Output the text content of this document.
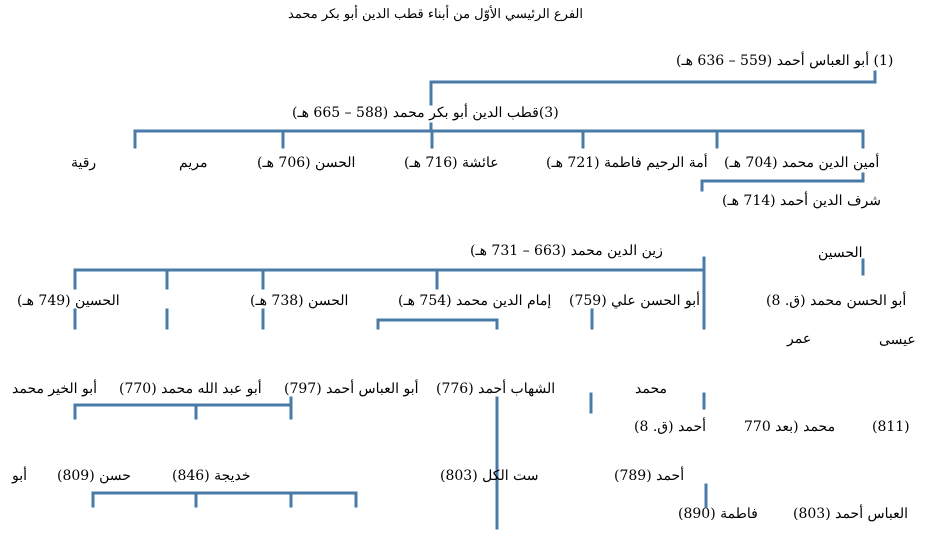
الفرع الرئيسي الأوّل من أبناء قطب الدين أبو بكر محمد
(1) أبو العباس أحمد (559 – 636 هـ)
(3)قطب الدين أبو بكر محمد (588 – 665 هـ)
أمين الدين محمد (704 هـ)
أمة الرحيم فاطمة (721 هـ)
عائشة (716 هـ)
الحسن (706 هـ)
مريم
رقية
شرف الدين أحمد (714 هـ)
الحسين
زين الدين محمد (663 – 731 هـ)
أبو الحسن محمد (ق. 8)
أبو الحسن علي (759)
إمام الدين محمد (754 هـ)
الحسن (738 هـ)
الحسين (749 هـ)
عيسى
عمر
محمد
الشهاب أحمد (776)
أبو العباس أحمد (797)
أبو عبد الله محمد (770)
أبو الخير محمد
(811)
محمد (بعد 770
أحمد (ق. 8)
أحمد (789)
ست الكل (803)
خديجة (846)
حسن (809)
أبو
العباس أحمد (803)
فاطمة (890)
